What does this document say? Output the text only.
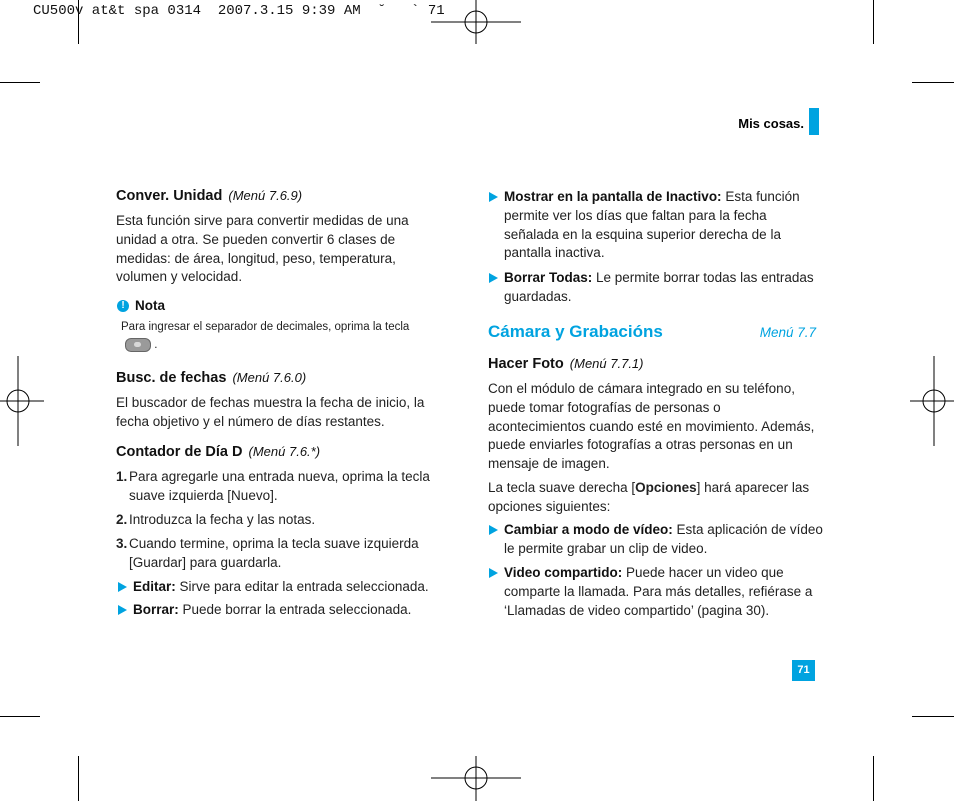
CU500v at&t spa 0314  2007.3.15 9:39 AM  ˘   ` 71
Mis cosas.
Conver. Unidad (Menú 7.6.9)
Esta función sirve para convertir medidas de una
unidad a otra. Se pueden convertir 6 clases de
medidas: de área, longitud, peso, temperatura,
volumen y velocidad.
! Nota
Para ingresar el separador de decimales, oprima la tecla
.
Busc. de fechas (Menú 7.6.0)
El buscador de fechas muestra la fecha de inicio, la
fecha objetivo y el número de días restantes.
Contador de Día D (Menú 7.6.*)
1. Para agregarle una entrada nueva, oprima la tecla
suave izquierda [Nuevo].
2. Introduzca la fecha y las notas.
3. Cuando termine, oprima la tecla suave izquierda
[Guardar] para guardarla.
Editar: Sirve para editar la entrada seleccionada.
Borrar: Puede borrar la entrada seleccionada.
Mostrar en la pantalla de Inactivo: Esta función
permite ver los días que faltan para la fecha
señalada en la esquina superior derecha de la
pantalla inactiva.
Borrar Todas: Le permite borrar todas las entradas
guardadas.
Cámara y Grabacións	Menú 7.7
Hacer Foto (Menú 7.7.1)
Con el módulo de cámara integrado en su teléfono,
puede tomar fotografías de personas o
acontecimientos cuando esté en movimiento. Además,
puede enviarles fotografías a otras personas en un
mensaje de imagen.
La tecla suave derecha [Opciones] hará aparecer las
opciones siguientes:
Cambiar a modo de vídeo: Esta aplicación de vídeo
le permite grabar un clip de video.
Video compartido: Puede hacer un video que
comparte la llamada. Para más detalles, refiérase a
‘Llamadas de video compartido’ (pagina 30).
71
